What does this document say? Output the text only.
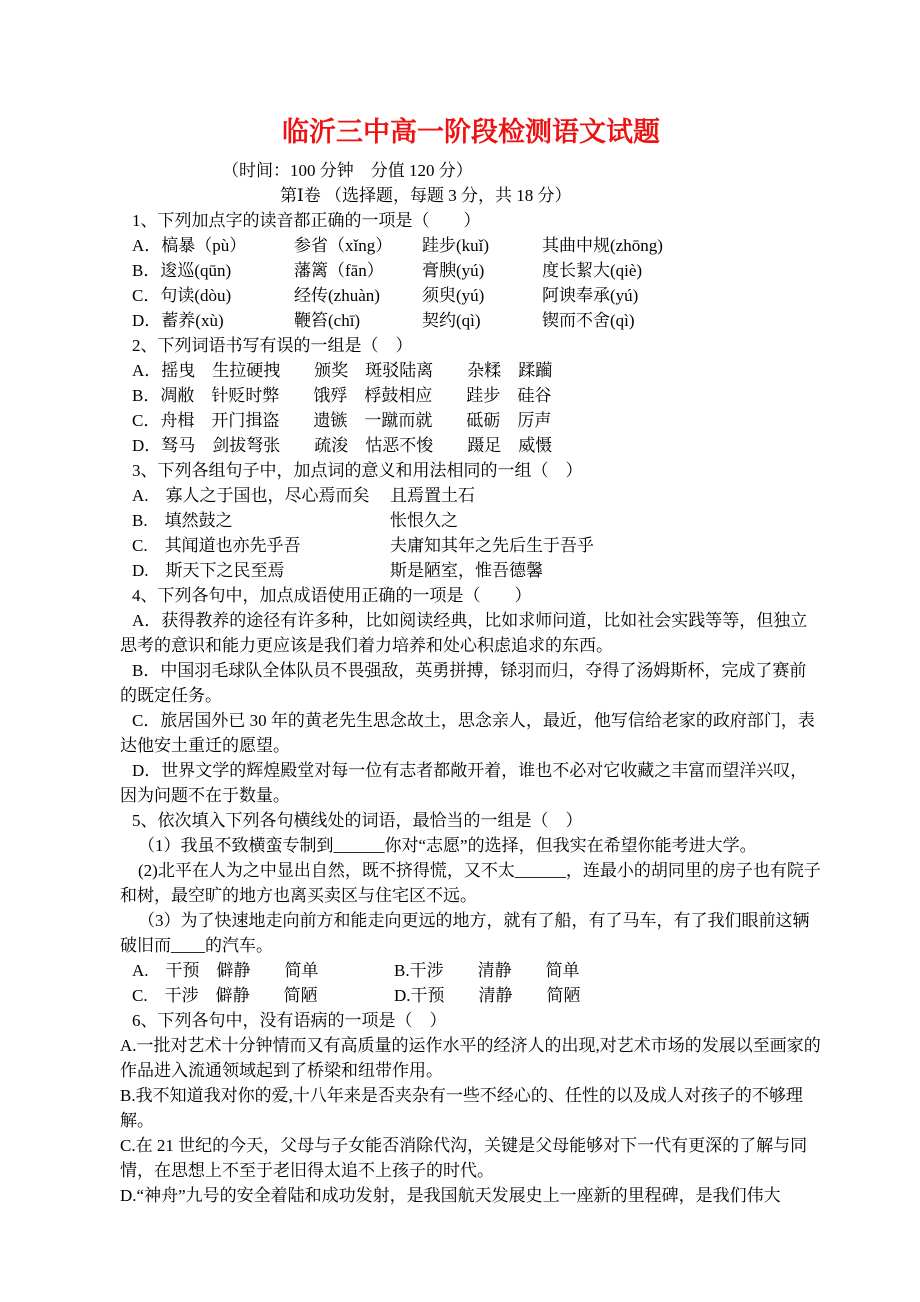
临沂三中高一阶段检测语文试题
（时间：100 分钟　分值 120 分）
第Ⅰ卷 （选择题，每题 3 分，共 18 分）
1、下列加点字的读音都正确的一项是（　　）
A．槁暴（pù）	参省（xǐng）	跬步(kuǐ)	其曲中规(zhōng)
B．逡巡(qūn)	藩篱（fān）	膏腴(yú)	度长絜大(qiè)
C．句读(dòu)	经传(zhuàn)	须臾(yú)	阿谀奉承(yú)
D．蓄养(xù)	鞭笞(chī)	契约(qì)	锲而不舍(qì)
2、下列词语书写有误的一组是（　）
A．摇曳　生拉硬拽　　颁奖　斑驳陆离　　杂糅　蹂躏
B．凋敝　针贬时弊　　饿殍　桴鼓相应　　跬步　硅谷
C．舟楫　开门揖盗　　遗镞　一蹴而就　　砥砺　厉声
D．驽马　剑拔弩张　　疏浚　怙恶不悛　　蹑足　威慑
3、下列各组句子中，加点词的意义和用法相同的一组（　）
A.　寡人之于国也，尽心焉而矣	且焉置土石
B.　填然鼓之	怅恨久之
C.　其闻道也亦先乎吾	夫庸知其年之先后生于吾乎
D.　斯天下之民至焉	斯是陋室，惟吾德馨
4、下列各句中，加点成语使用正确的一项是（　　）
A．获得教养的途径有许多种，比如阅读经典，比如求师问道，比如社会实践等等，但独立思考的意识和能力更应该是我们着力培养和处心积虑追求的东西。
B．中国羽毛球队全体队员不畏强敌，英勇拼搏，铩羽而归，夺得了汤姆斯杯，完成了赛前的既定任务。
C．旅居国外已 30 年的黄老先生思念故土，思念亲人，最近，他写信给老家的政府部门，表达他安土重迁的愿望。
D．世界文学的辉煌殿堂对每一位有志者都敞开着，谁也不必对它收藏之丰富而望洋兴叹，因为问题不在于数量。
5、依次填入下列各句横线处的词语，最恰当的一组是（　）
（1）我虽不致横蛮专制到______你对“志愿”的选择，但我实在希望你能考进大学。
(2)北平在人为之中显出自然，既不挤得慌，又不太______，连最小的胡同里的房子也有院子和树，最空旷的地方也离买卖区与住宅区不远。
（3）为了快速地走向前方和能走向更远的地方，就有了船，有了马车，有了我们眼前这辆破旧而____的汽车。
A.　干预　僻静　　简单	B.干涉　　清静　　简单
C.　干涉　僻静　　简陋	D.干预　　清静　　简陋
6、下列各句中，没有语病的一项是（　）
A.一批对艺术十分钟情而又有高质量的运作水平的经济人的出现,对艺术市场的发展以至画家的作品进入流通领域起到了桥梁和纽带作用。
B.我不知道我对你的爱,十八年来是否夹杂有一些不经心的、任性的以及成人对孩子的不够理解。
C.在 21 世纪的今天，父母与子女能否消除代沟，关键是父母能够对下一代有更深的了解与同情，在思想上不至于老旧得太追不上孩子的时代。
D.“神舟”九号的安全着陆和成功发射，是我国航天发展史上一座新的里程碑，是我们伟大
